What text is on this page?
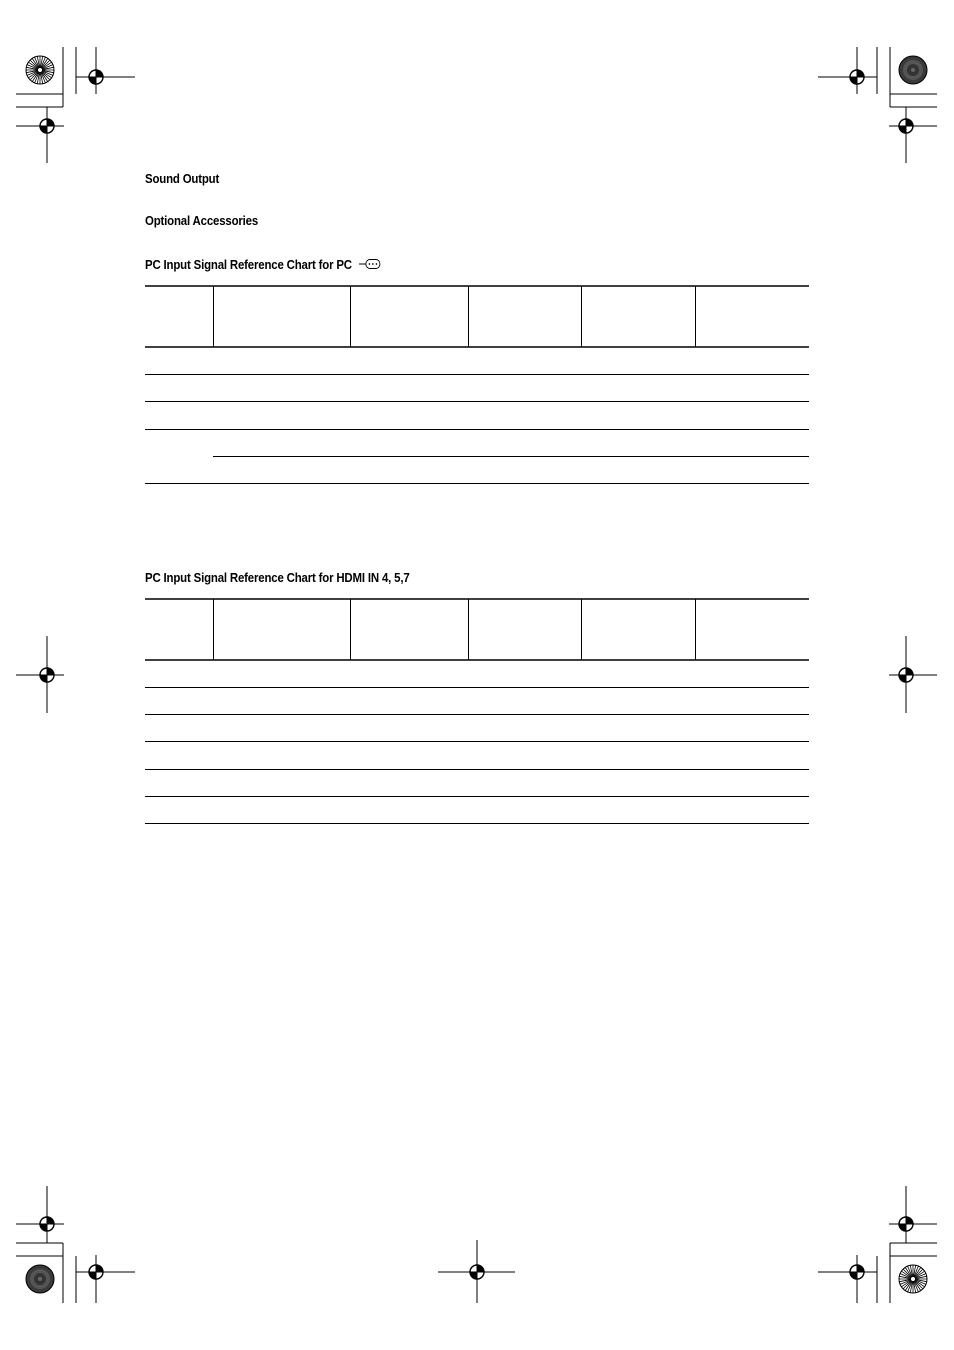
Sound Output
Optional Accessories
PC Input Signal Reference Chart for PC
PC Input Signal Reference Chart for HDMI IN 4, 5,7
